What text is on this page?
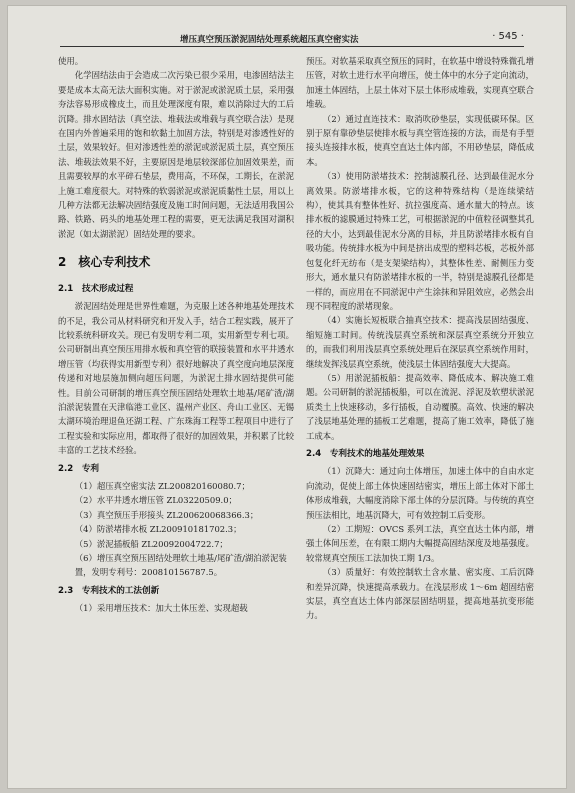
增压真空预压淤泥固结处理系统超压真空密实法	· 545 ·

使用。

化学固结法由于会造成二次污染已很少采用，电渗固结法主要是成本太高无法大面积实施。对于淤泥或淤泥质土层，采用强夯法容易形成橡皮土，而且处理深度有限，难以消除过大的工后沉降。排水固结法（真空法、堆载法或堆载与真空联合法）是现在国内外普遍采用的饱和软黏土加固方法，特别是对渗透性好的土层，效果较好。但对渗透性差的淤泥或淤泥质土层，真空预压法、堆载法效果不好，主要原因是地层较深部位加固效果差，而且需要较厚的水平碎石垫层，费用高，不环保，工期长，在淤泥上施工难度很大。对特殊的软弱淤泥或淤泥质黏性土层，用以上几种方法都无法解决固结强度及施工时间问题，无法适用我国公路、铁路、码头的地基处理工程的需要，更无法满足我国对湖积淤泥（如太湖淤泥）固结处理的要求。

2　核心专利技术
2.1　技术形成过程

淤泥固结处理是世界性难题，为克服上述各种地基处理技术的不足，我公司从材料研究和开发入手，结合工程实践，展开了比较系统科研攻关。现已有发明专利二项，实用新型专利七项。公司研制出真空预压用排水板和真空管的联接装置和水平井透水增压管（均获得实用新型专利）很好地解决了真空度向地层深度传递和对地层施加侧向超压问题，为淤泥土排水固结提供可能性。目前公司研制的增压真空预压固结处理软土地基/尾矿渣/湖泊淤泥装置在天津临港工业区、温州产业区、舟山工业区、无锡太湖环境治理退鱼还湖工程、广东珠海工程等工程项目中进行了工程实验和实际应用，都取得了很好的加固效果，并积累了比较丰富的工艺技术经验。

2.2　专利
（1）超压真空密实法 ZL200820160080.7；
（2）水平井透水增压管 ZL03220509.0；
（3）真空预压手形接头 ZL200620068366.3；
（4）防淤堵排水板 ZL200910181702.3；
（5）淤泥插板船 ZL20092004722.7；
（6）增压真空预压固结处理软土地基/尾矿渣/湖泊淤泥装置，发明专利号：200810156787.5。
2.3　专利技术的工法创新

（1）采用增压技术：加大土体压差、实现超载

预压。对软基采取真空预压的同时，在软基中增设特殊微孔增压管，对软土进行水平向增压，使土体中的水分子定向流动，加速土体固结，上层土体对下层土体形成堆载，实现真空联合堆载。

（2）通过直连技术：取消吹砂垫层，实现低碳环保。区别于原有靠砂垫层使排水板与真空管连接的方法，而是有手型接头连接排水板，使真空直达土体内部，不用砂垫层，降低成本。

（3）使用防淤堵技术：控制滤膜孔径、达到最佳泥水分离效果。防淤堵排水板，它的这种特殊结构（是连续梁结构），使其具有整体性好、抗拉强度高、通水量大的特点。该排水板的滤膜通过特殊工艺，可根据淤泥的中值粒径调整其孔径的大小，达到最佳泥水分离的目标，并且防淤堵排水板有自吸功能。传统排水板为中间是挤出成型的塑料芯板，芯板外部包复化纤无纺布（是支架梁结构），其整体性差、耐侧压力变形大，通水量只有防淤堵排水板的一半，特别是滤膜孔径都是一样的，而应用在不同淤泥中产生涂抹和异阻效应，必然会出现不同程度的淤堵现象。

（4）实施长短板联合抽真空技术：提高浅层固结强度、缩短施工时间。传统浅层真空系统和深层真空系统分开独立的，而我们利用浅层真空系统处理后在深层真空系统作用时，继续发挥浅层真空系统，使浅层土体固结强度大大提高。

（5）用淤泥插板船：提高效率、降低成本、解决施工难题。公司研制的淤泥插板船，可以在流泥、浮泥及软塑状淤泥质类土上快速移动，多行插板，自动覆膜。高效、快速的解决了浅层地基处理的插板工艺难题，提高了施工效率，降低了施工成本。

2.4　专利技术的地基处理效果

（1）沉降大：通过向土体增压，加速土体中的自由水定向流动，促使上部土体快速固结密实，增压上部土体对下部土体形成堆载，大幅度消除下部土体的分层沉降。与传统的真空预压法相比，地基沉降大，可有效控制工后变形。

（2）工期短：OVCS 系列工法，真空直达土体内部，增强土体间压差，在有限工期内大幅提高固结深度及地基强度。较常规真空预压工法加快工期 1/3。

（3）质量好：有效控制软土含水量、密实度、工后沉降和差异沉降，快速提高承载力。在浅层形成 1～6m 超固结密实层，真空直达土体内部深层固结明显，提高地基抗变形能力。
